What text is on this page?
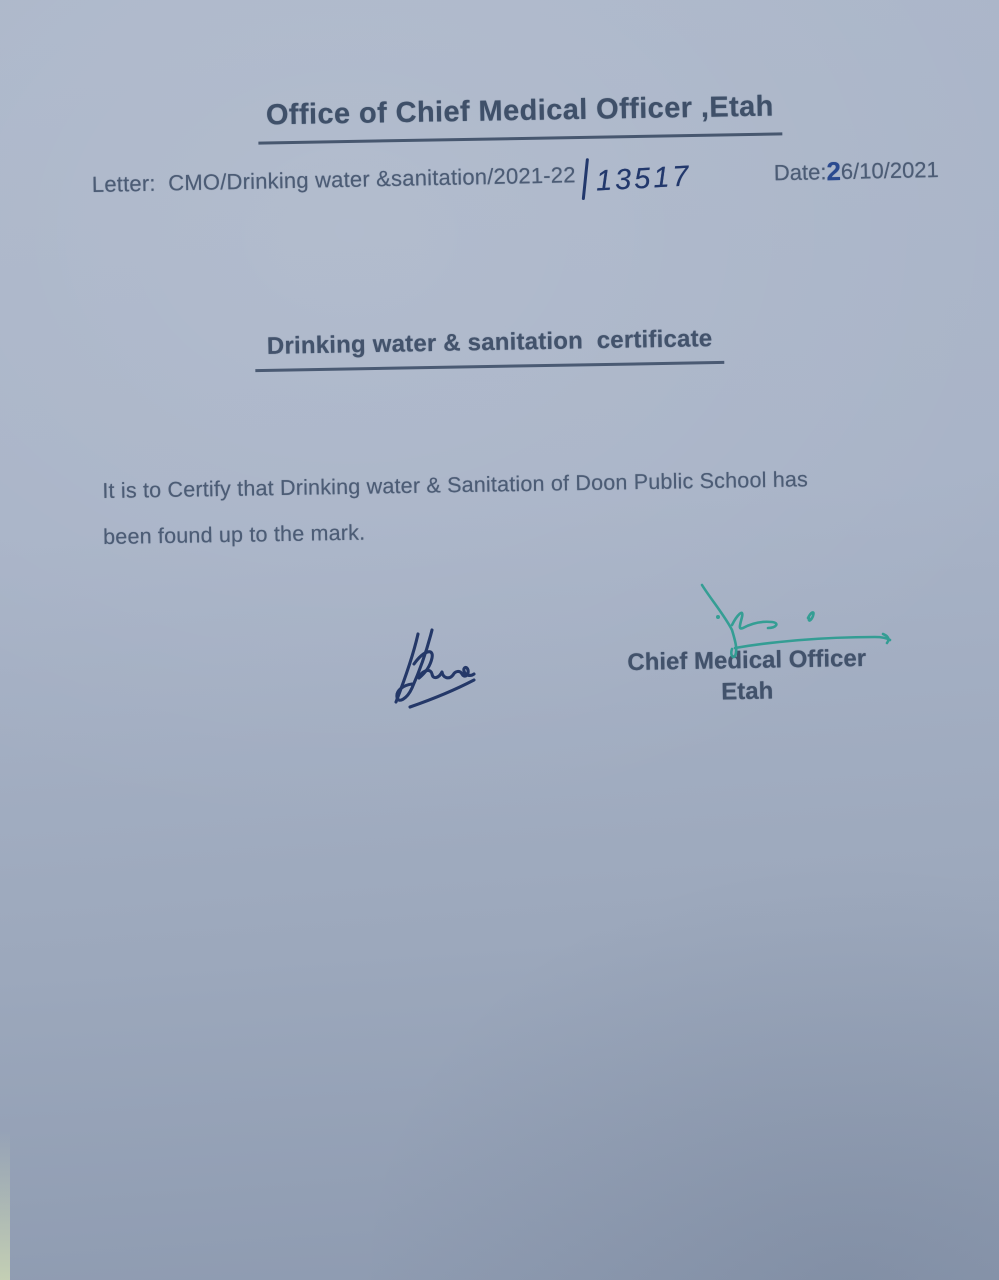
Office of Chief Medical Officer ,Etah
Letter:  CMO/Drinking water &sanitation/2021-22 13517	Date:26/10/2021
Drinking water & sanitation  certificate
It is to Certify that Drinking water & Sanitation of Doon Public School has
been found up to the mark.
Chief Medical Officer
Etah
